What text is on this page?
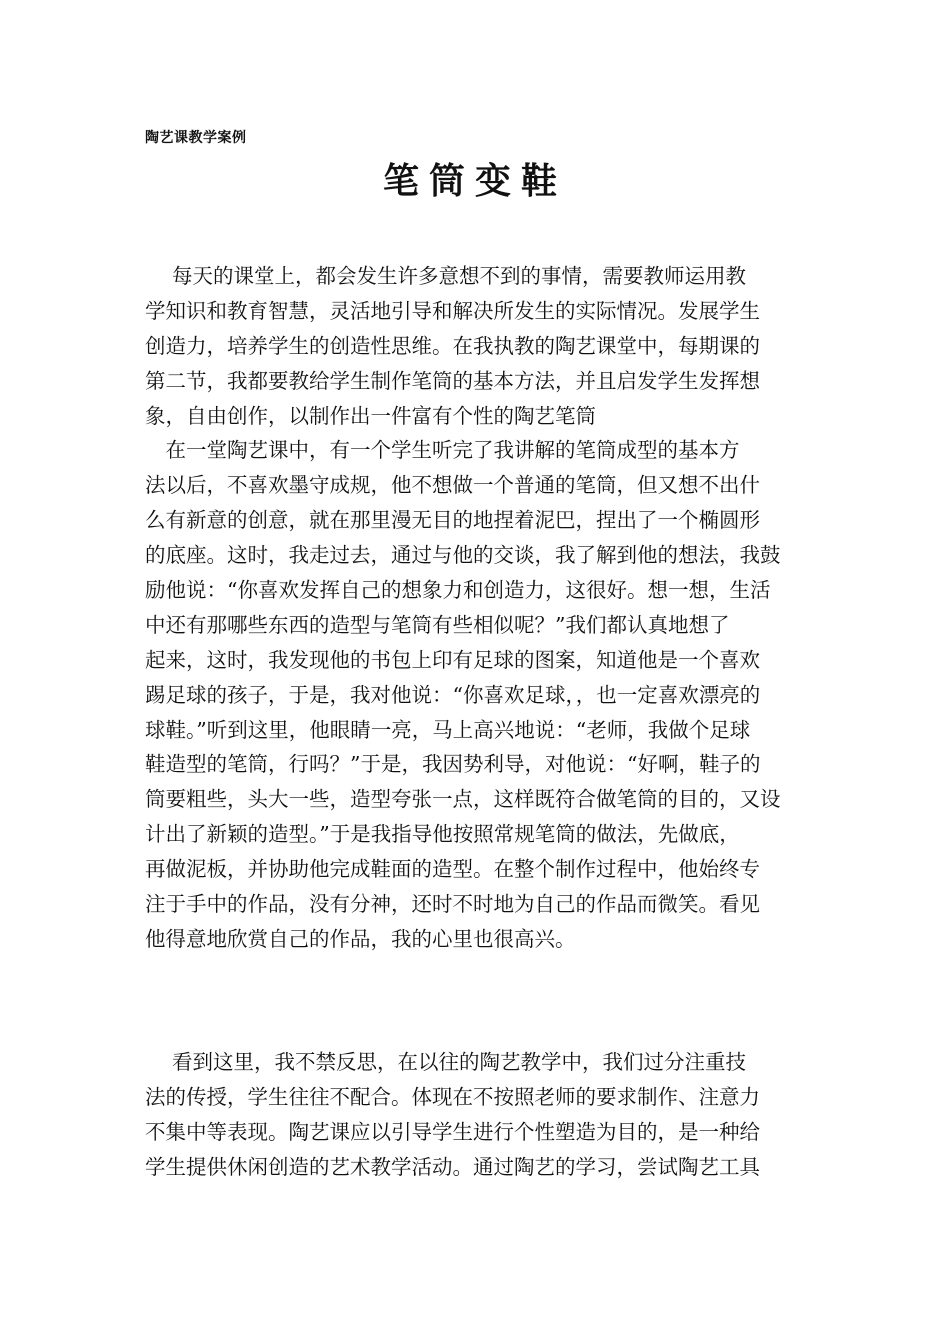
陶艺课教学案例
笔筒变鞋
　 每天的课堂上，都会发生许多意想不到的事情，需要教师运用教
学知识和教育智慧，灵活地引导和解决所发生的实际情况。发展学生
创造力，培养学生的创造性思维。在我执教的陶艺课堂中，每期课的
第二节，我都要教给学生制作笔筒的基本方法，并且启发学生发挥想
象，自由创作，以制作出一件富有个性的陶艺笔筒
　在一堂陶艺课中，有一个学生听完了我讲解的笔筒成型的基本方
法以后，不喜欢墨守成规，他不想做一个普通的笔筒，但又想不出什
么有新意的创意，就在那里漫无目的地捏着泥巴，捏出了一个椭圆形
的底座。这时，我走过去，通过与他的交谈，我了解到他的想法，我鼓
励他说：“你喜欢发挥自己的想象力和创造力，这很好。想一想，生活
中还有那哪些东西的造型与笔筒有些相似呢？”我们都认真地想了
起来，这时，我发现他的书包上印有足球的图案，知道他是一个喜欢
踢足球的孩子，于是，我对他说：“你喜欢足球，，也一定喜欢漂亮的
球鞋。”听到这里，他眼睛一亮，马上高兴地说：“老师，我做个足球
鞋造型的笔筒，行吗？”于是，我因势利导，对他说：“好啊，鞋子的
筒要粗些，头大一些，造型夸张一点，这样既符合做笔筒的目的，又设
计出了新颖的造型。”于是我指导他按照常规笔筒的做法，先做底，
再做泥板，并协助他完成鞋面的造型。在整个制作过程中，他始终专
注于手中的作品，没有分神，还时不时地为自己的作品而微笑。看见
他得意地欣赏自己的作品，我的心里也很高兴。
　 看到这里，我不禁反思，在以往的陶艺教学中，我们过分注重技
法的传授，学生往往不配合。体现在不按照老师的要求制作、注意力
不集中等表现。陶艺课应以引导学生进行个性塑造为目的，是一种给
学生提供休闲创造的艺术教学活动。通过陶艺的学习，尝试陶艺工具
